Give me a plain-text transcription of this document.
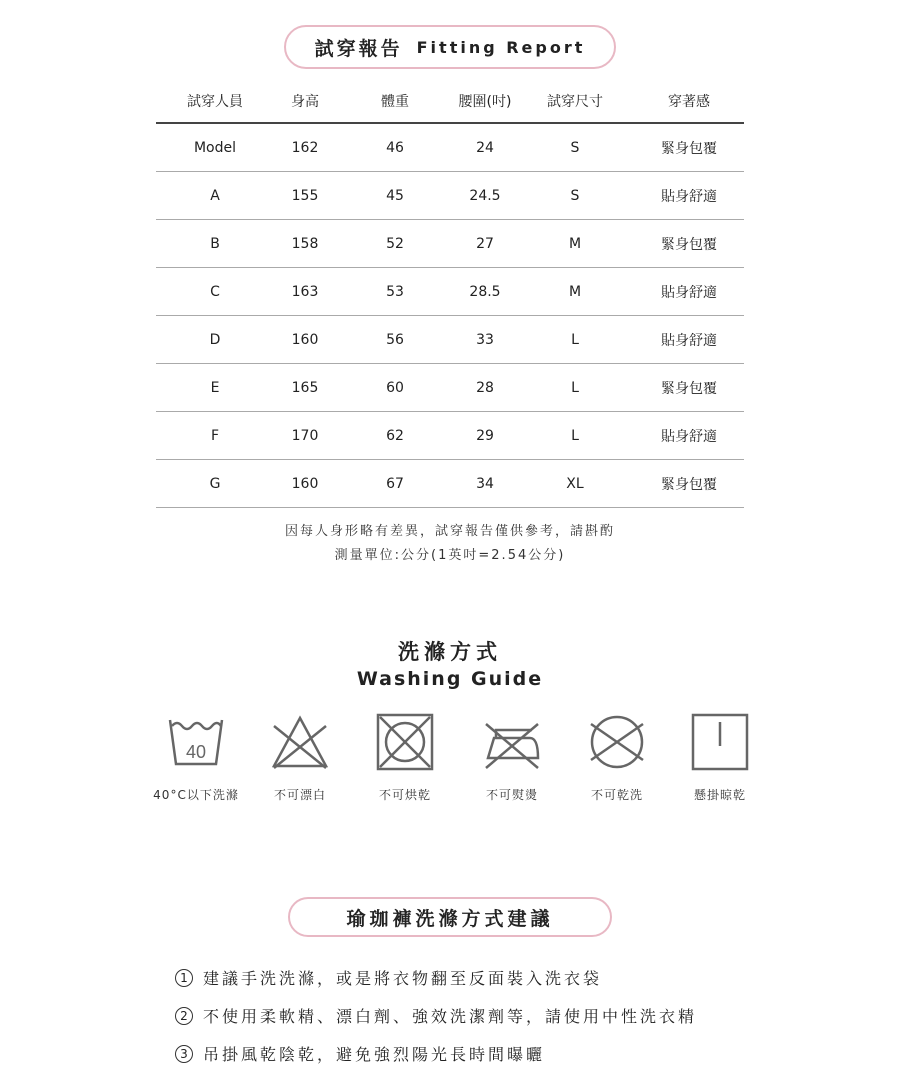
試穿報告 Fitting Report
試穿人員	身高	體重	腰圍(吋)	試穿尺寸	穿著感
Model	162	46	24	S	緊身包覆
A	155	45	24.5	S	貼身舒適
B	158	52	27	M	緊身包覆
C	163	53	28.5	M	貼身舒適
D	160	56	33	L	貼身舒適
E	165	60	28	L	緊身包覆
F	170	62	29	L	貼身舒適
G	160	67	34	XL	緊身包覆
因每人身形略有差異，試穿報告僅供參考，請斟酌
測量單位:公分(1英吋=2.54公分)
洗滌方式
Washing Guide
40
40°C以下洗滌	不可漂白	不可烘乾	不可熨燙	不可乾洗	懸掛晾乾
瑜珈褲洗滌方式建議
1 建議手洗洗滌，或是將衣物翻至反面裝入洗衣袋
2 不使用柔軟精、漂白劑、強效洗潔劑等，請使用中性洗衣精
3 吊掛風乾陰乾，避免強烈陽光長時間曝曬
